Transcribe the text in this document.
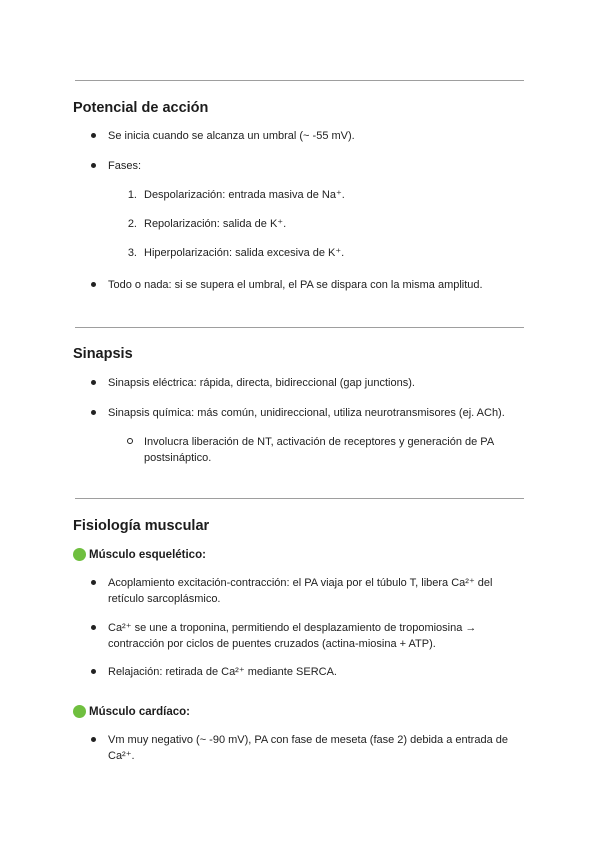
Potencial de acción
Se inicia cuando se alcanza un umbral (~ -55 mV).
Fases:
1. Despolarización: entrada masiva de Na⁺.
2. Repolarización: salida de K⁺.
3. Hiperpolarización: salida excesiva de K⁺.
Todo o nada: si se supera el umbral, el PA se dispara con la misma amplitud.
Sinapsis
Sinapsis eléctrica: rápida, directa, bidireccional (gap junctions).
Sinapsis química: más común, unidireccional, utiliza neurotransmisores (ej. ACh).
Involucra liberación de NT, activación de receptores y generación de PA postsináptico.
Fisiología muscular
Músculo esquelético:
Acoplamiento excitación-contracción: el PA viaja por el túbulo T, libera Ca²⁺ del retículo sarcoplásmico.
Ca²⁺ se une a troponina, permitiendo el desplazamiento de tropomiosina → contracción por ciclos de puentes cruzados (actina-miosina + ATP).
Relajación: retirada de Ca²⁺ mediante SERCA.
Músculo cardíaco:
Vm muy negativo (~ -90 mV), PA con fase de meseta (fase 2) debida a entrada de Ca²⁺.
